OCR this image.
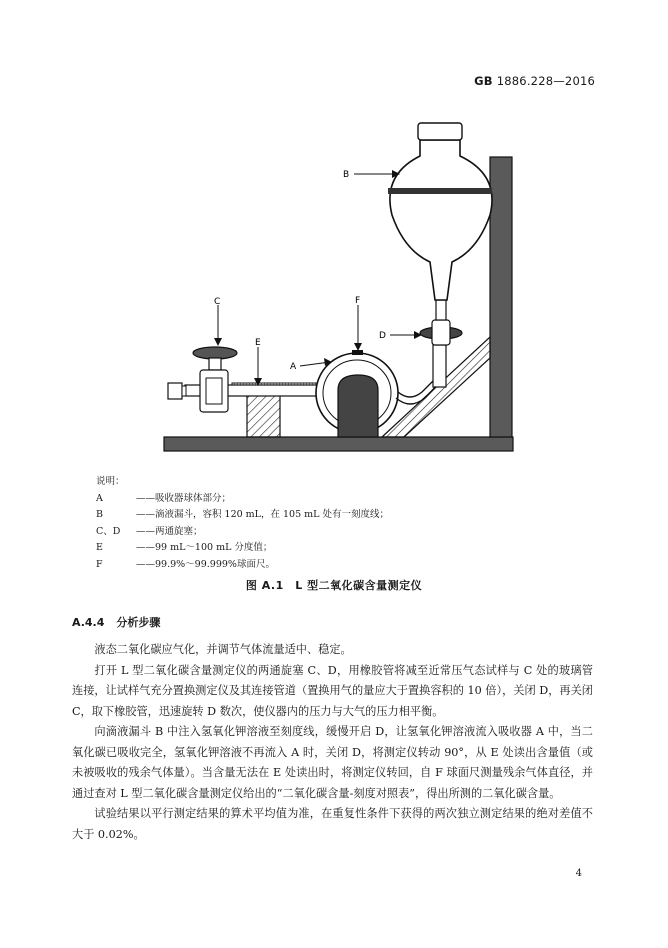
GB 1886.228—2016
C
E
F
A
B
D
说明：
A	——吸收器球体部分；
B	——滴液漏斗，容积 120 mL，在 105 mL 处有一刻度线；
C、D	——两通旋塞；
E	——99 mL～100 mL 分度值；
F	——99.9%～99.999%球面尺。
图 A.1　L 型二氧化碳含量测定仪
A.4.4 分析步骤

液态二氧化碳应气化，并调节气体流量适中、稳定。

打开 L 型二氧化碳含量测定仪的两通旋塞 C、D，用橡胶管将减至近常压气态试样与 C 处的玻璃管连接，让试样气充分置换测定仪及其连接管道（置换用气的量应大于置换容积的 10 倍），关闭 D，再关闭 C，取下橡胶管，迅速旋转 D 数次，使仪器内的压力与大气的压力相平衡。

向滴液漏斗 B 中注入氢氧化钾溶液至刻度线，缓慢开启 D，让氢氧化钾溶液流入吸收器 A 中，当二氧化碳已吸收完全，氢氧化钾溶液不再流入 A 时，关闭 D，将测定仪转动 90°，从 E 处读出含量值（或未被吸收的残余气体量）。当含量无法在 E 处读出时，将测定仪转回，自 F 球面尺测量残余气体直径，并通过查对 L 型二氧化碳含量测定仪给出的“二氧化碳含量-刻度对照表”，得出所测的二氧化碳含量。

试验结果以平行测定结果的算术平均值为准，在重复性条件下获得的两次独立测定结果的绝对差值不大于 0.02%。

4
